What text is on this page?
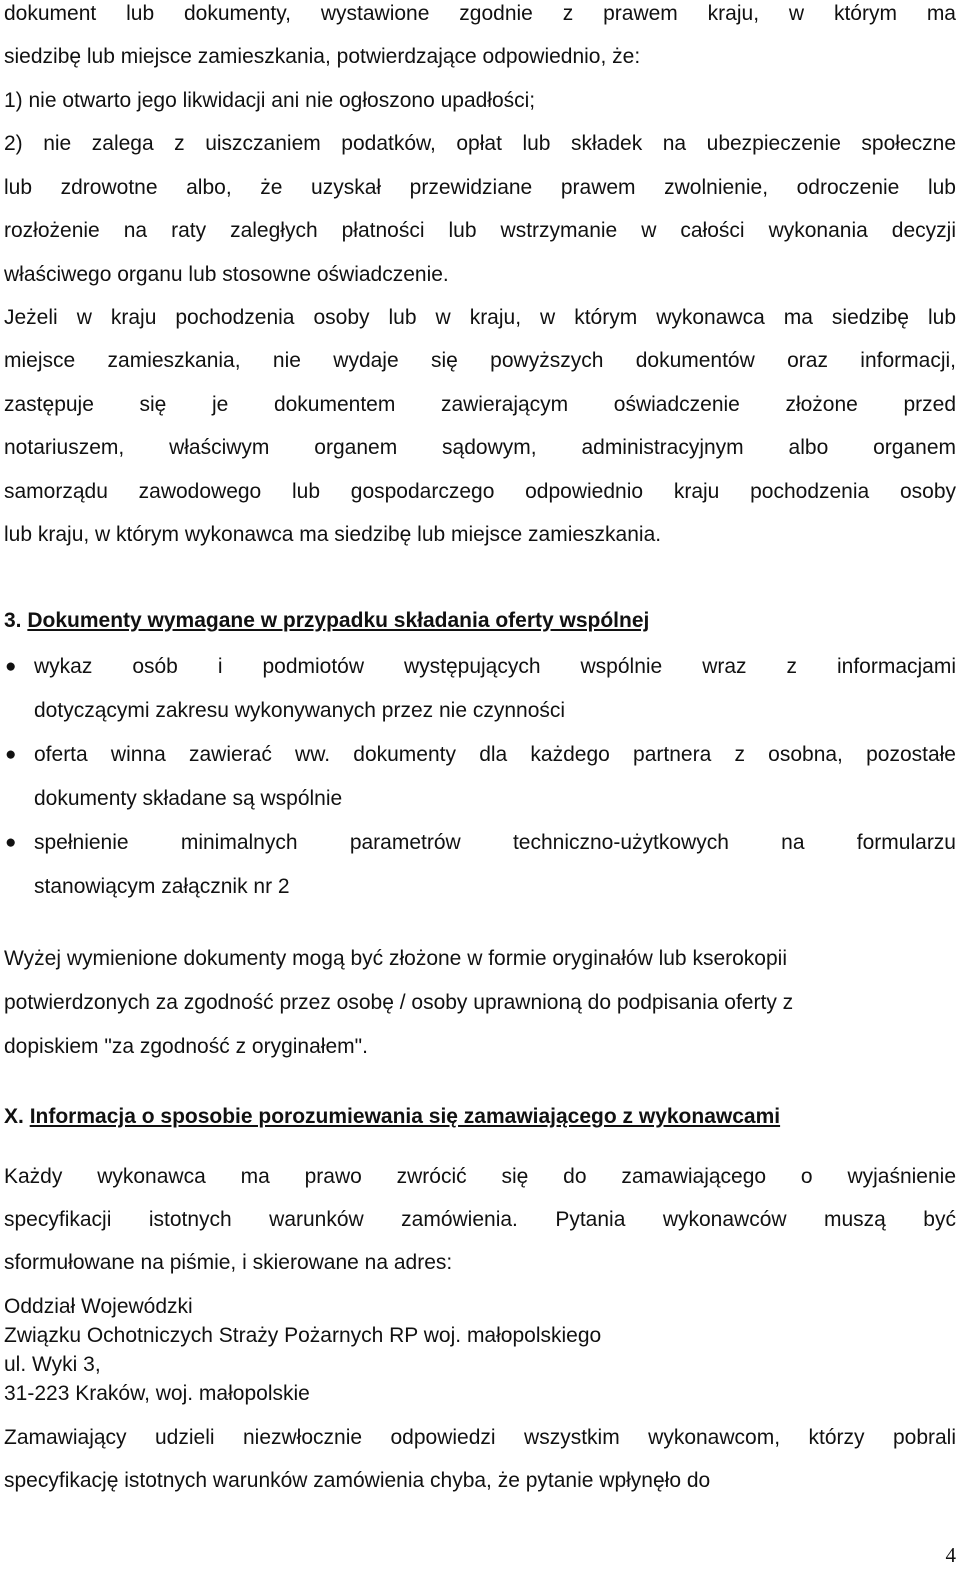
dokument lub dokumenty, wystawione zgodnie z prawem kraju, w którym ma
siedzibę lub miejsce zamieszkania, potwierdzające odpowiednio, że:
1) nie otwarto jego likwidacji ani nie ogłoszono upadłości;
2) nie zalega z uiszczaniem podatków, opłat lub składek na ubezpieczenie społeczne
lub zdrowotne albo, że uzyskał przewidziane prawem zwolnienie, odroczenie lub
rozłożenie na raty zaległych płatności lub wstrzymanie w całości wykonania decyzji
właściwego organu lub stosowne oświadczenie.
Jeżeli w kraju pochodzenia osoby lub w kraju, w którym wykonawca ma siedzibę lub
miejsce zamieszkania, nie wydaje się powyższych dokumentów oraz informacji,
zastępuje się je dokumentem zawierającym oświadczenie złożone przed
notariuszem, właściwym organem sądowym, administracyjnym albo organem
samorządu zawodowego lub gospodarczego odpowiednio kraju pochodzenia osoby
lub kraju, w którym wykonawca ma siedzibę lub miejsce zamieszkania.
3. Dokumenty wymagane w przypadku składania oferty wspólnej
● wykaz osób i podmiotów występujących wspólnie wraz z informacjami
dotyczącymi zakresu wykonywanych przez nie czynności
● oferta winna zawierać ww. dokumenty dla każdego partnera z osobna, pozostałe
dokumenty składane są wspólnie
● spełnienie minimalnych parametrów techniczno-użytkowych na formularzu
stanowiącym załącznik nr 2
Wyżej wymienione dokumenty mogą być złożone w formie oryginałów lub kserokopii
potwierdzonych za zgodność przez osobę / osoby uprawnioną do podpisania oferty z
dopiskiem "za zgodność z oryginałem".
X. Informacja o sposobie porozumiewania się zamawiającego z wykonawcami
Każdy wykonawca ma prawo zwrócić się do zamawiającego o wyjaśnienie
specyfikacji istotnych warunków zamówienia. Pytania wykonawców muszą być
sformułowane na piśmie, i skierowane na adres:
Oddział Wojewódzki
Związku Ochotniczych Straży Pożarnych RP woj. małopolskiego
ul. Wyki 3,
31-223 Kraków, woj. małopolskie
Zamawiający udzieli niezwłocznie odpowiedzi wszystkim wykonawcom, którzy pobrali
specyfikację istotnych warunków zamówienia chyba, że pytanie wpłynęło do
4
